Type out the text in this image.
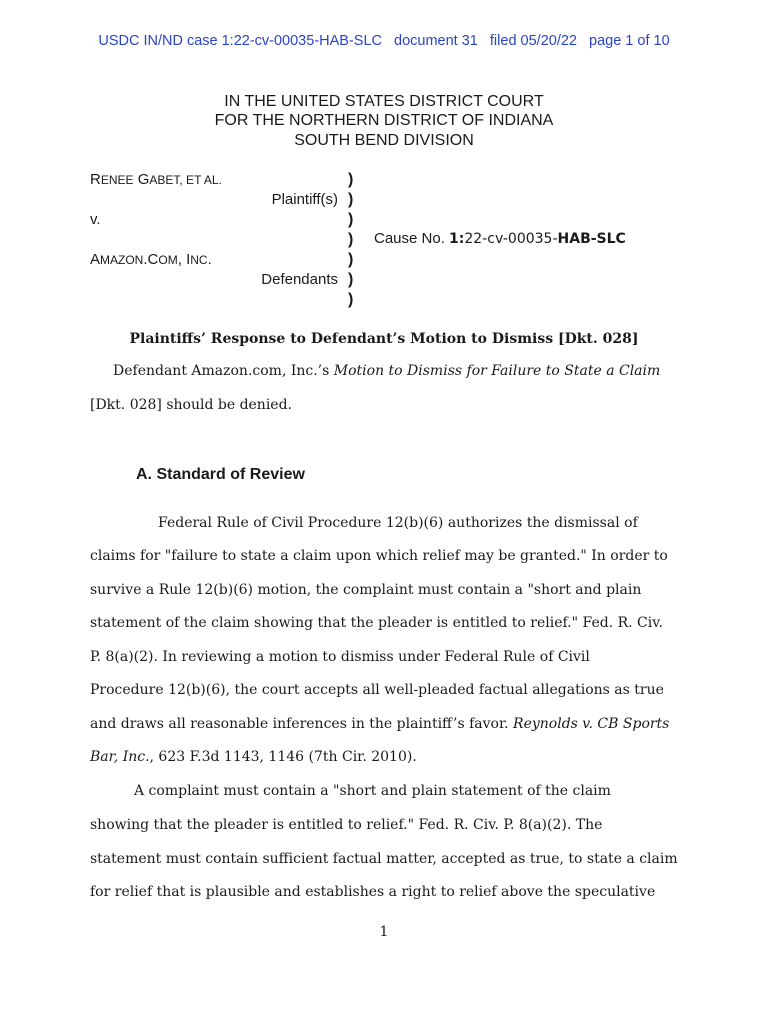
USDC IN/ND case 1:22-cv-00035-HAB-SLC document 31 filed 05/20/22 page 1 of 10
IN THE UNITED STATES DISTRICT COURT
FOR THE NORTHERN DISTRICT OF INDIANA
SOUTH BEND DIVISION
RENEE GABET, ET AL.
Plaintiff(s)
v.
AMAZON.COM, INC.
Defendants
)
)
)
)
)
)
)
Cause No. 1:22-cv-00035-HAB-SLC
Plaintiffs’ Response to Defendant’s Motion to Dismiss [Dkt. 028]
Defendant Amazon.com, Inc.’s Motion to Dismiss for Failure to State a Claim
[Dkt. 028] should be denied.
A. Standard of Review
Federal Rule of Civil Procedure 12(b)(6) authorizes the dismissal of
claims for "failure to state a claim upon which relief may be granted." In order to
survive a Rule 12(b)(6) motion, the complaint must contain a "short and plain
statement of the claim showing that the pleader is entitled to relief." Fed. R. Civ.
P. 8(a)(2). In reviewing a motion to dismiss under Federal Rule of Civil
Procedure 12(b)(6), the court accepts all well-pleaded factual allegations as true
and draws all reasonable inferences in the plaintiff’s favor. Reynolds v. CB Sports
Bar, Inc., 623 F.3d 1143, 1146 (7th Cir. 2010).
A complaint must contain a "short and plain statement of the claim
showing that the pleader is entitled to relief." Fed. R. Civ. P. 8(a)(2). The
statement must contain sufficient factual matter, accepted as true, to state a claim
for relief that is plausible and establishes a right to relief above the speculative
1
